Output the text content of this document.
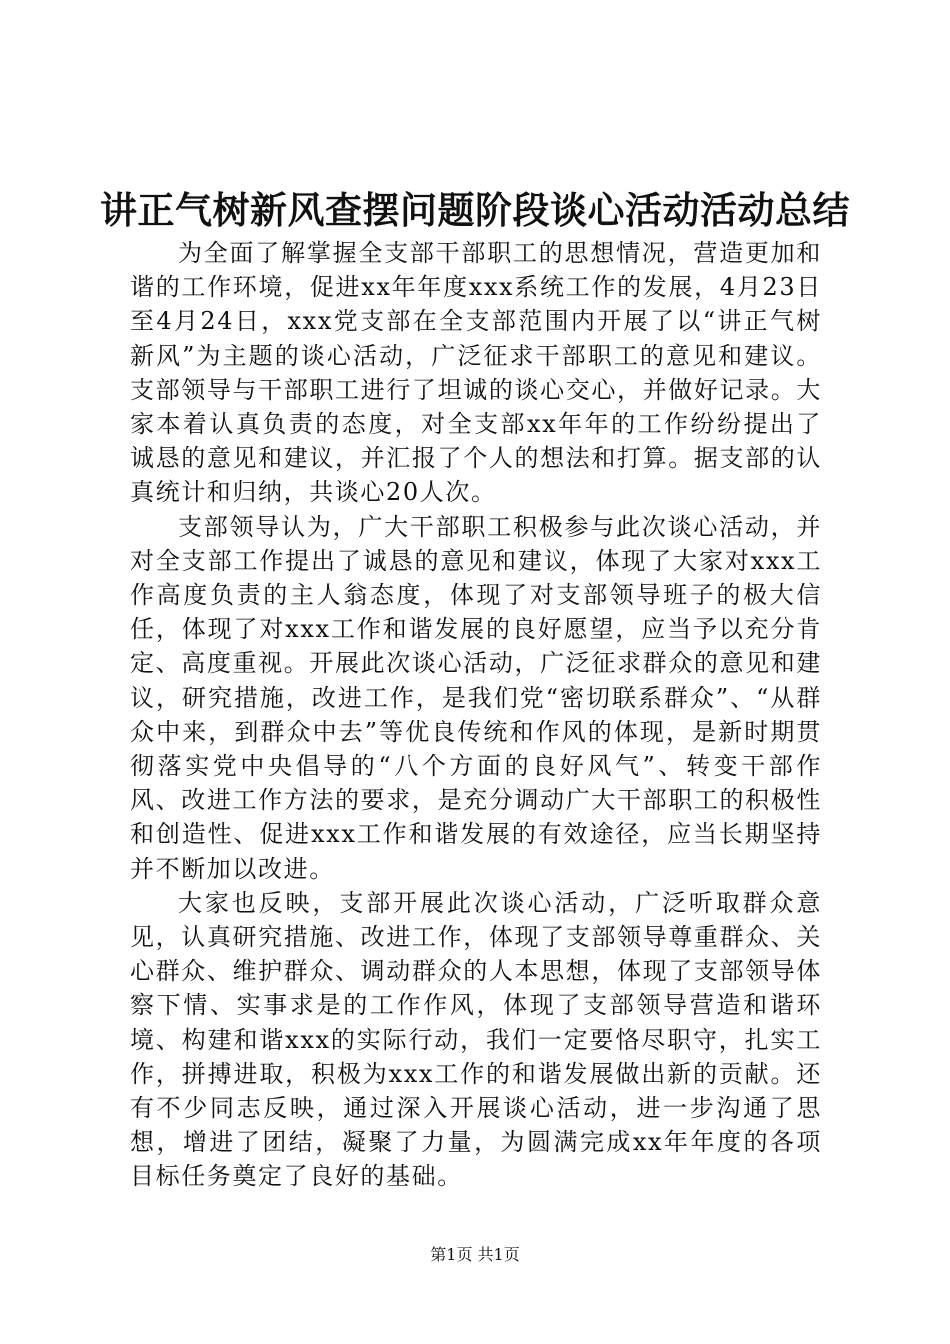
讲正气树新风查摆问题阶段谈心活动活动总结

为全面了解掌握全支部干部职工的思想情况，营造更加和谐的工作环境，促进xx年年度xxx系统工作的发展，4月23日至4月24日，xxx党支部在全支部范围内开展了以“讲正气树新风”为主题的谈心活动，广泛征求干部职工的意见和建议。支部领导与干部职工进行了坦诚的谈心交心，并做好记录。大家本着认真负责的态度，对全支部xx年年的工作纷纷提出了诚恳的意见和建议，并汇报了个人的想法和打算。据支部的认真统计和归纳，共谈心20人次。

支部领导认为，广大干部职工积极参与此次谈心活动，并对全支部工作提出了诚恳的意见和建议，体现了大家对xxx工作高度负责的主人翁态度，体现了对支部领导班子的极大信任，体现了对xxx工作和谐发展的良好愿望，应当予以充分肯定、高度重视。开展此次谈心活动，广泛征求群众的意见和建议，研究措施，改进工作，是我们党“密切联系群众”、“从群众中来，到群众中去”等优良传统和作风的体现，是新时期贯彻落实党中央倡导的“八个方面的良好风气”、转变干部作风、改进工作方法的要求，是充分调动广大干部职工的积极性和创造性、促进xxx工作和谐发展的有效途径，应当长期坚持并不断加以改进。

大家也反映，支部开展此次谈心活动，广泛听取群众意见，认真研究措施、改进工作，体现了支部领导尊重群众、关心群众、维护群众、调动群众的人本思想，体现了支部领导体察下情、实事求是的工作作风，体现了支部领导营造和谐环境、构建和谐xxx的实际行动，我们一定要恪尽职守，扎实工作，拼搏进取，积极为xxx工作的和谐发展做出新的贡献。还有不少同志反映，通过深入开展谈心活动，进一步沟通了思想，增进了团结，凝聚了力量，为圆满完成xx年年度的各项目标任务奠定了良好的基础。

第1页 共1页
